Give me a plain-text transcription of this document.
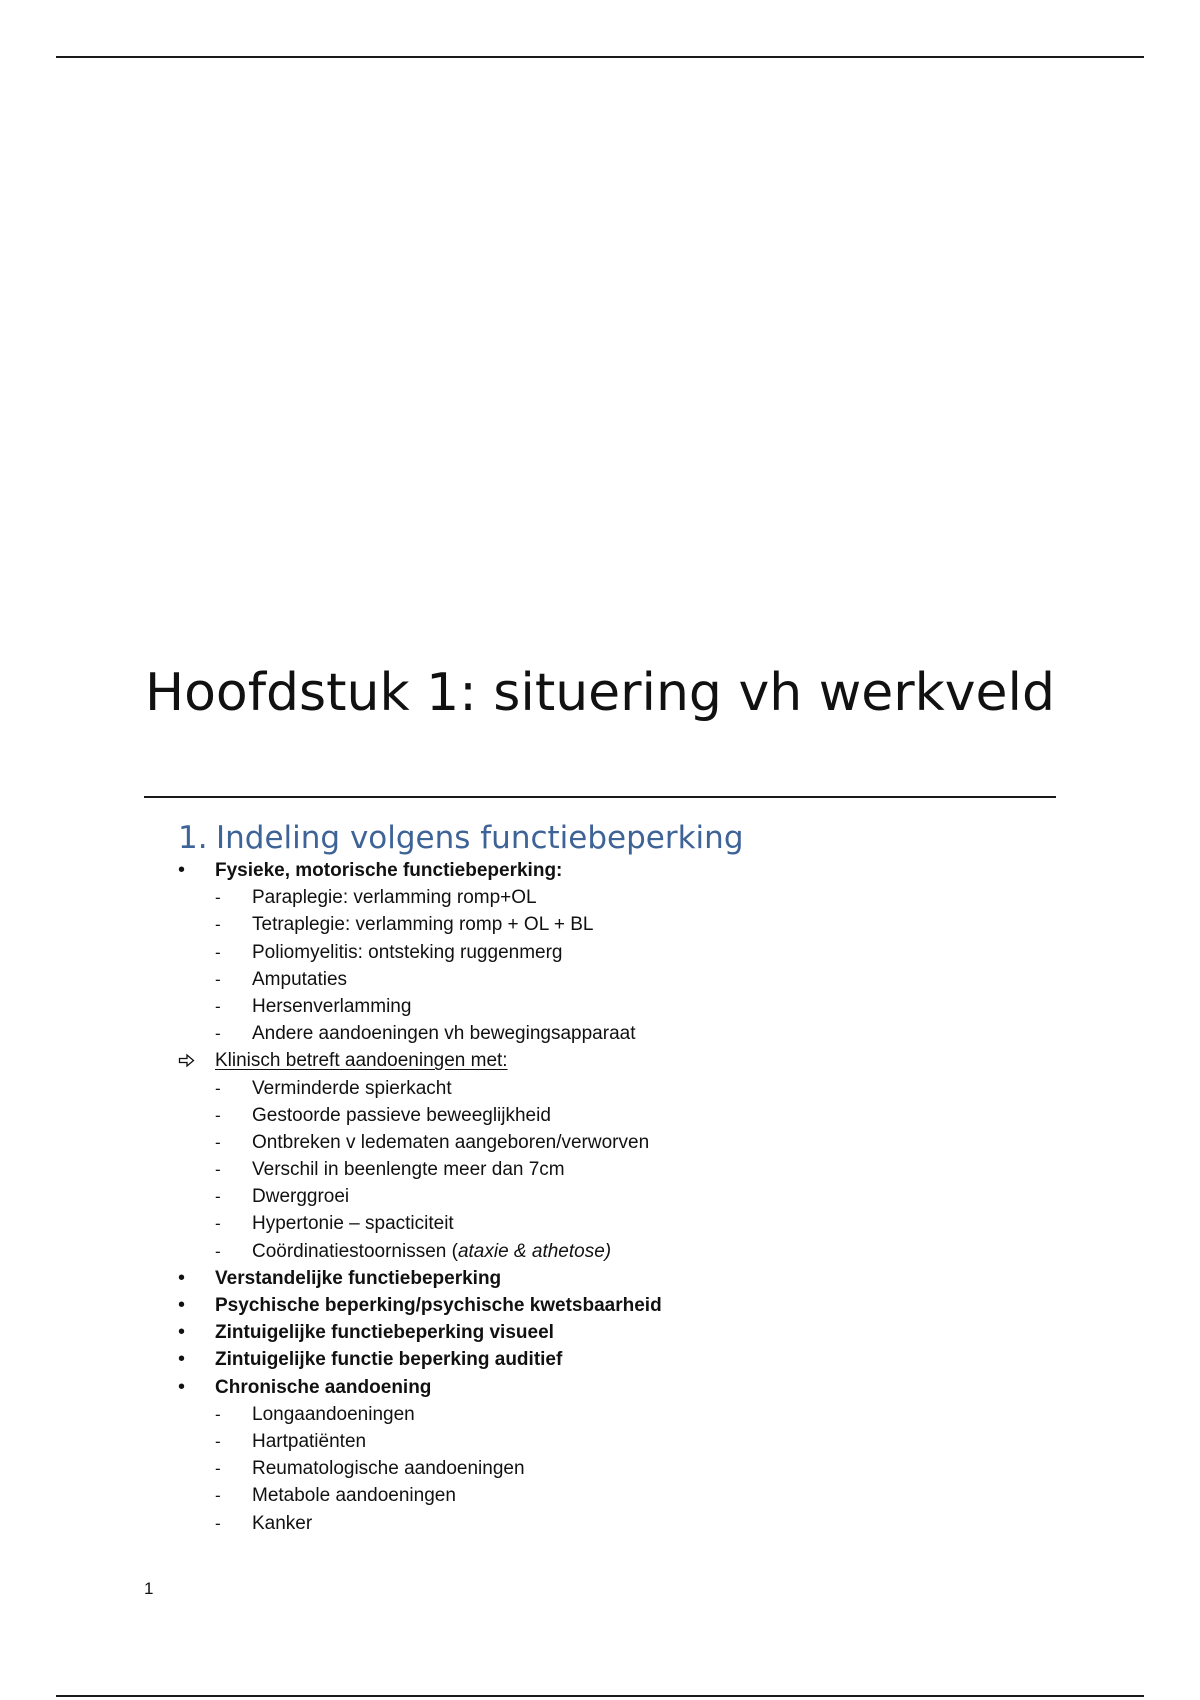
Hoofdstuk 1: situering vh werkveld
1. Indeling volgens functiebeperking
• Fysieke, motorische functiebeperking:
- Paraplegie: verlamming romp+OL
- Tetraplegie: verlamming romp + OL + BL
- Poliomyelitis: ontsteking ruggenmerg
- Amputaties
- Hersenverlamming
- Andere aandoeningen vh bewegingsapparaat
Klinisch betreft aandoeningen met:
- Verminderde spierkacht
- Gestoorde passieve beweeglijkheid
- Ontbreken v ledematen aangeboren/verworven
- Verschil in beenlengte meer dan 7cm
- Dwerggroei
- Hypertonie – spacticiteit
- Coördinatiestoornissen (ataxie & athetose)
• Verstandelijke functiebeperking
• Psychische beperking/psychische kwetsbaarheid
• Zintuigelijke functiebeperking visueel
• Zintuigelijke functie beperking auditief
• Chronische aandoening
- Longaandoeningen
- Hartpatiënten
- Reumatologische aandoeningen
- Metabole aandoeningen
- Kanker
1
